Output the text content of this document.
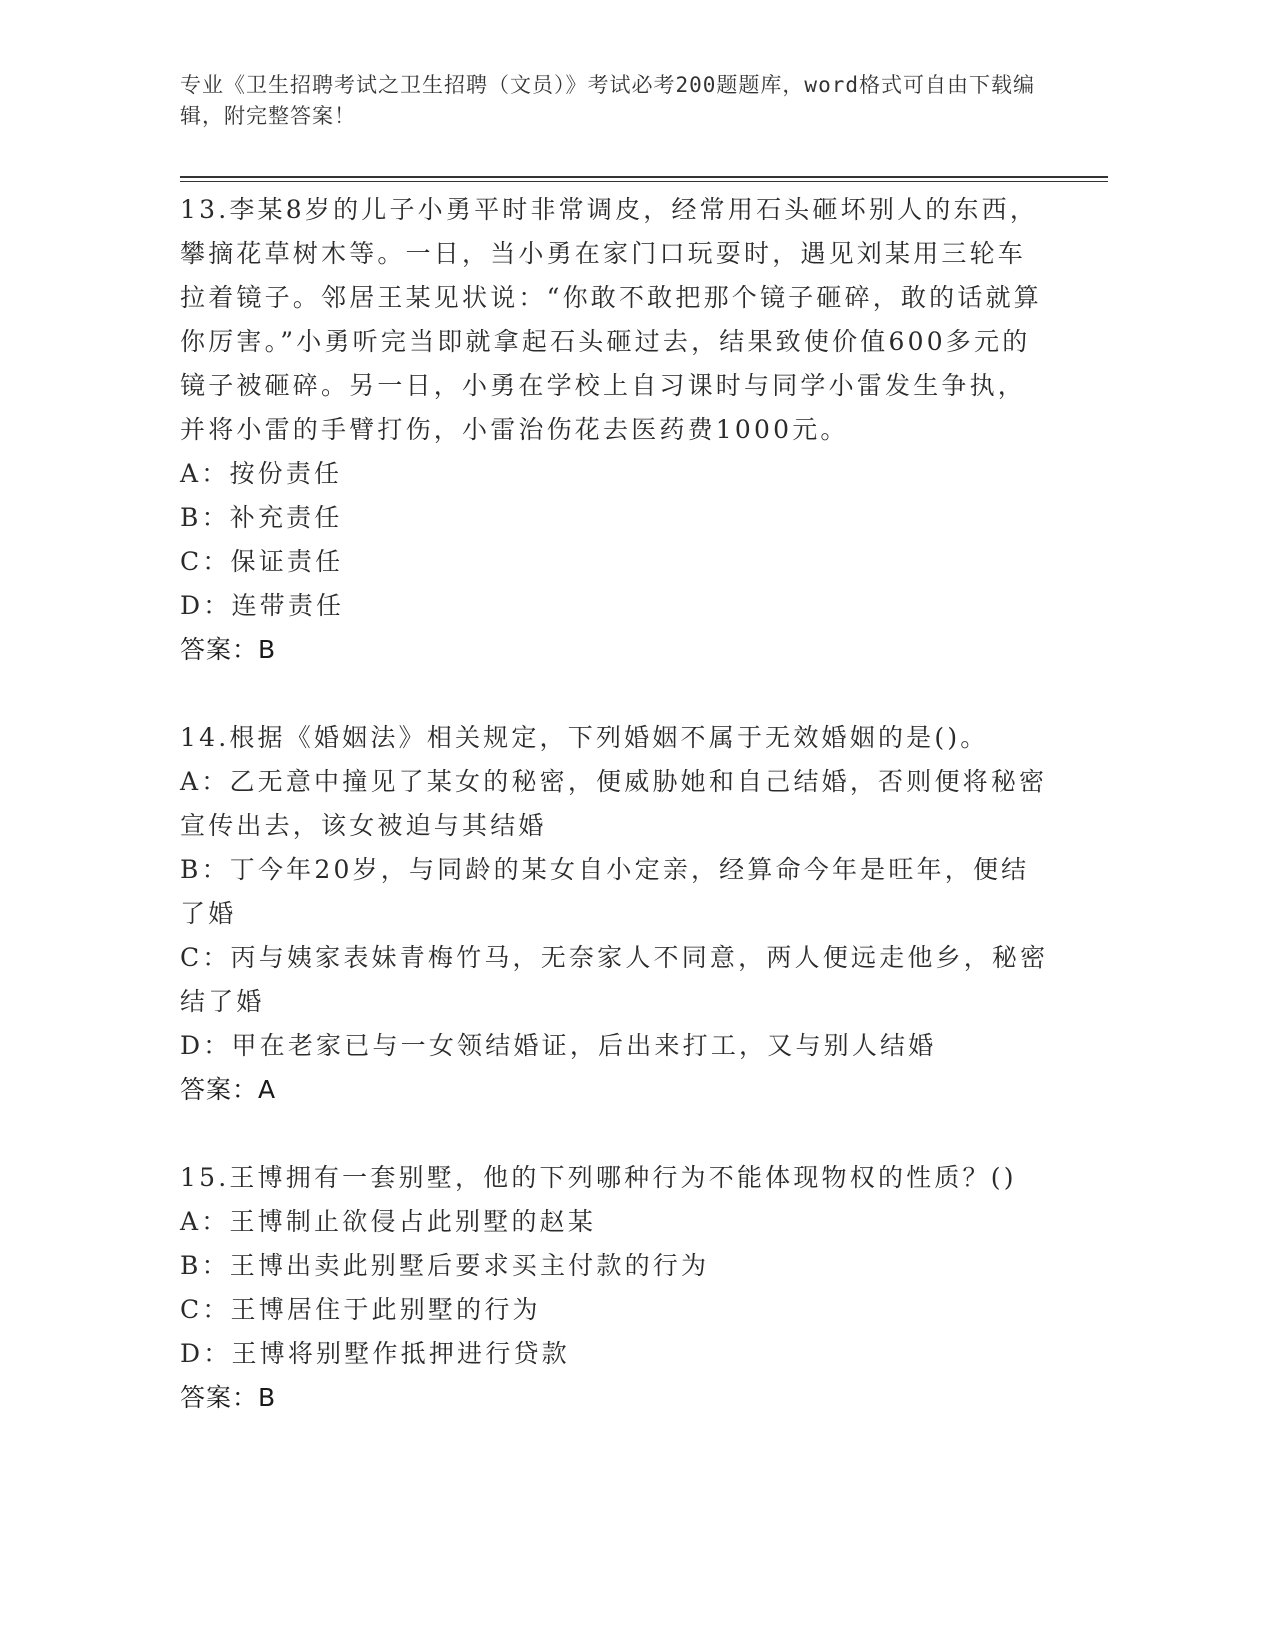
专业《卫生招聘考试之卫生招聘（文员）》考试必考200题题库，word格式可自由下载编辑，附完整答案！
13.李某8岁的儿子小勇平时非常调皮，经常用石头砸坏别人的东西，攀摘花草树木等。一日，当小勇在家门口玩耍时，遇见刘某用三轮车拉着镜子。邻居王某见状说：“你敢不敢把那个镜子砸碎，敢的话就算你厉害。”小勇听完当即就拿起石头砸过去，结果致使价值600多元的镜子被砸碎。另一日，小勇在学校上自习课时与同学小雷发生争执，并将小雷的手臂打伤，小雷治伤花去医药费1000元。
A：按份责任
B：补充责任
C：保证责任
D：连带责任
答案：B
14.根据《婚姻法》相关规定，下列婚姻不属于无效婚姻的是()。
A：乙无意中撞见了某女的秘密，便威胁她和自己结婚，否则便将秘密宣传出去，该女被迫与其结婚
B：丁今年20岁，与同龄的某女自小定亲，经算命今年是旺年，便结了婚
C：丙与姨家表妹青梅竹马，无奈家人不同意，两人便远走他乡，秘密结了婚
D：甲在老家已与一女领结婚证，后出来打工，又与别人结婚
答案：A
15.王博拥有一套别墅，他的下列哪种行为不能体现物权的性质？()
A：王博制止欲侵占此别墅的赵某
B：王博出卖此别墅后要求买主付款的行为
C：王博居住于此别墅的行为
D：王博将别墅作抵押进行贷款
答案：B
